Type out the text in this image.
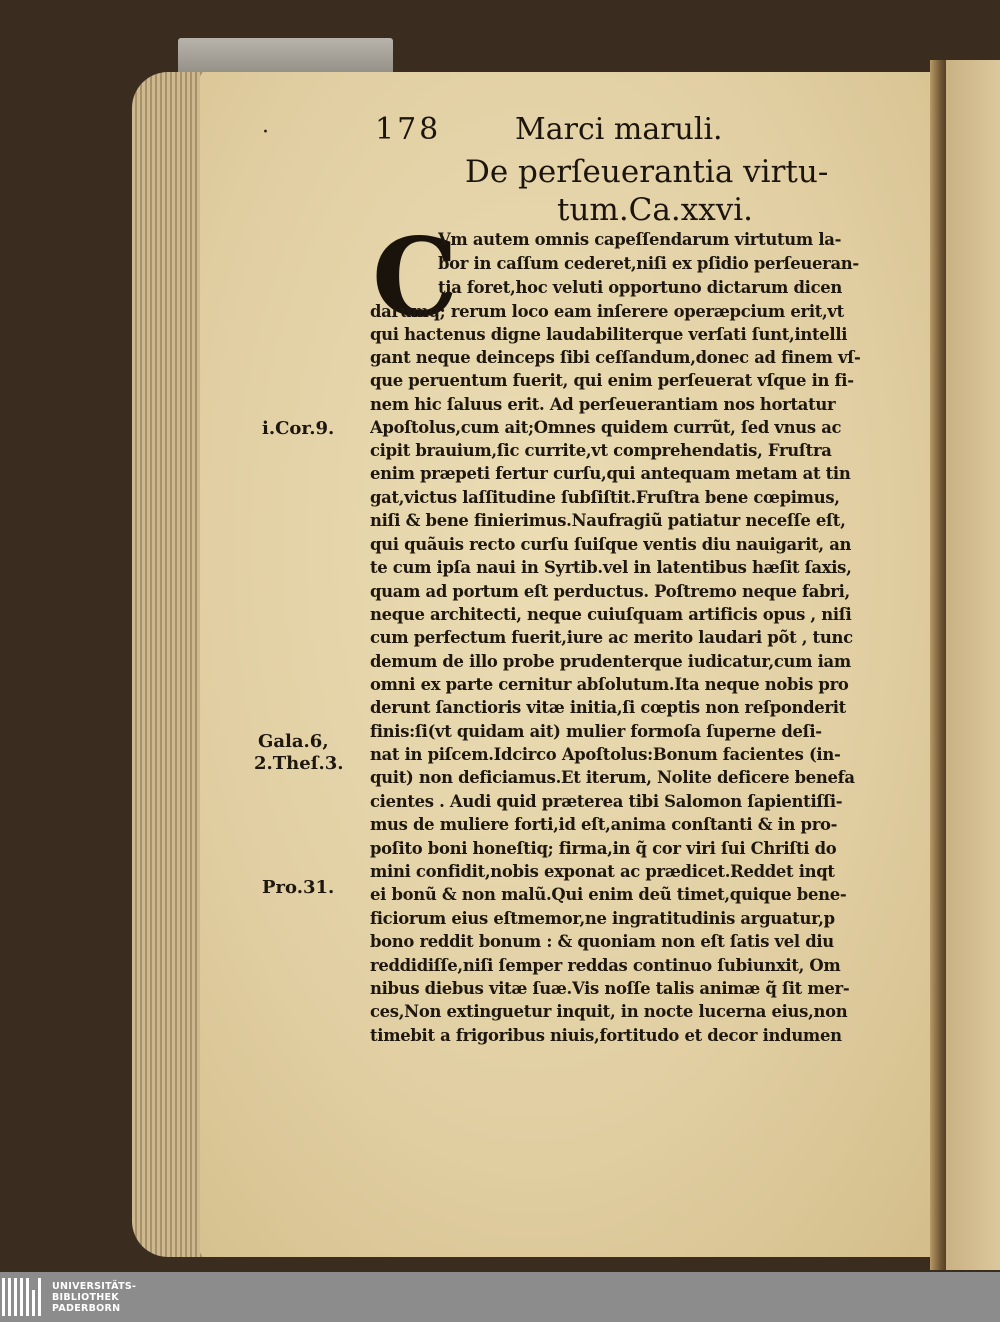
·	178 Marci maruli.
De perſeuerantia virtu-
tum.Ca.xxvi.
C
Vm autem omnis capeſſendarum virtutum la-
bor in caſſum cederet,niſi ex pſidio perſeueran-
tia foret,hoc veluti opportuno dictarum dicen
darumq; rerum loco eam inſerere operæpcium erit,vt
qui hactenus digne laudabiliterque verſati ſunt,intelli
gant neque deinceps ſibi ceſſandum,donec ad finem vſ-
que peruentum fuerit, qui enim perſeuerat vſque in fi-
nem hic ſaluus erit. Ad perſeuerantiam nos hortatur
Apoſtolus,cum ait;Omnes quidem currũt, ſed vnus ac
cipit brauium,ſic currite,vt comprehendatis, Fruſtra
enim præpeti fertur curſu,qui antequam metam at tin
gat,victus laſſitudine ſubſiſtit.Fruſtra bene cœpimus,
niſi & bene finierimus.Naufragiũ patiatur neceſſe eſt,
qui quãuis recto curſu ſuiſque ventis diu nauigarit, an
te cum ipſa naui in Syrtib.vel in latentibus hæſit ſaxis,
quam ad portum eſt perductus. Poſtremo neque fabri,
neque architecti, neque cuiuſquam artificis opus , niſi
cum perfectum fuerit,iure ac merito laudari põt , tunc
demum de illo probe prudenterque iudicatur,cum iam
omni ex parte cernitur abſolutum.Ita neque nobis pro
derunt ſanctioris vitæ initia,ſi cœptis non reſponderit
finis:ſi(vt quidam ait) mulier formoſa ſuperne deſi-
nat in piſcem.Idcirco Apoſtolus:Bonum facientes (in-
quit) non deficiamus.Et iterum, Nolite deficere benefa
cientes . Audi quid præterea tibi Salomon ſapientiſſi-
mus de muliere forti,id eſt,anima conſtanti & in pro-
poſito boni honeſtiq; firma,in q̃ cor viri ſui Chriſti do
mini confidit,nobis exponat ac prædicet.Reddet inqt
ei bonũ & non malũ.Qui enim deũ timet,quique bene-
ficiorum eius eſtmemor,ne ingratitudinis arguatur,p
bono reddit bonum : & quoniam non eſt ſatis vel diu
reddidiſſe,niſi ſemper reddas continuo ſubiunxit, Om
nibus diebus vitæ ſuæ.Vis noſſe talis animæ q̃ ſit mer-
ces,Non extinguetur inquit, in nocte lucerna eius,non
timebit a frigoribus niuis,fortitudo et decor indumen
i.Cor.9.
Gala.6,
2.Theſ.3.
Pro.31.
UNIVERSITÄTS-
BIBLIOTHEK
PADERBORN
